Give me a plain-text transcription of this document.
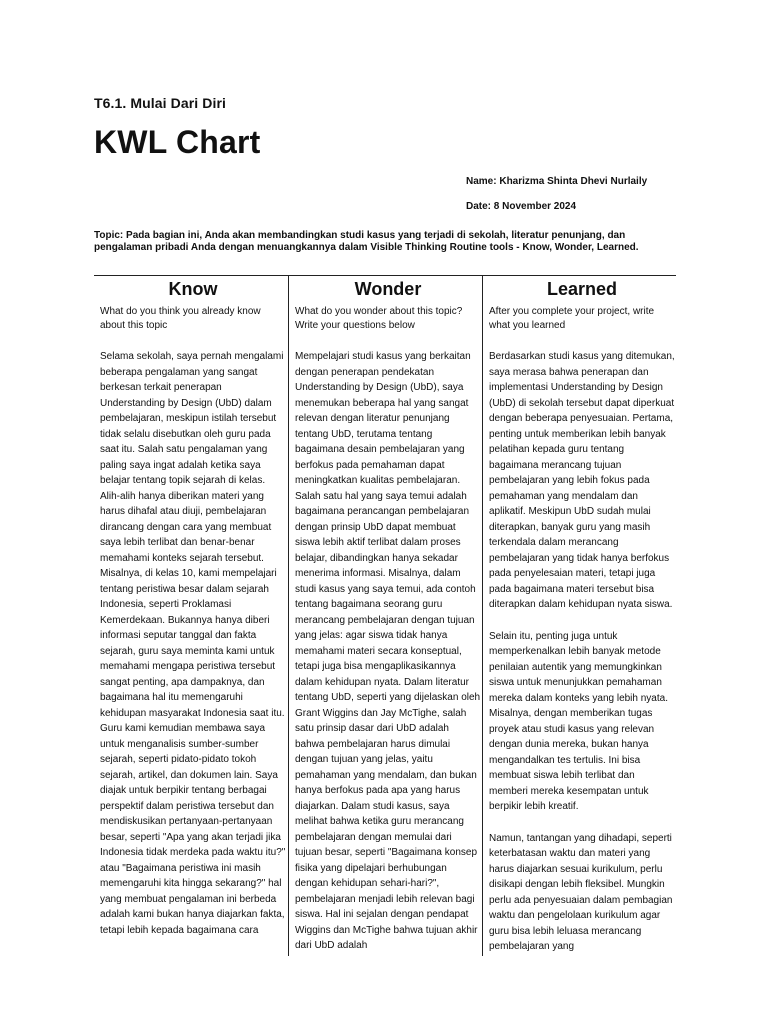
T6.1. Mulai Dari Diri
KWL Chart
Name: Kharizma Shinta Dhevi Nurlaily
Date: 8 November 2024
Topic: Pada bagian ini, Anda akan membandingkan studi kasus yang terjadi di sekolah, literatur penunjang, dan pengalaman pribadi Anda dengan menuangkannya dalam Visible Thinking Routine tools - Know, Wonder, Learned.
Know
What do you think you already know about this topic

Selama sekolah, saya pernah mengalami beberapa pengalaman yang sangat berkesan terkait penerapan Understanding by Design (UbD) dalam pembelajaran, meskipun istilah tersebut tidak selalu disebutkan oleh guru pada saat itu. Salah satu pengalaman yang paling saya ingat adalah ketika saya belajar tentang topik sejarah di kelas. Alih-alih hanya diberikan materi yang harus dihafal atau diuji, pembelajaran dirancang dengan cara yang membuat saya lebih terlibat dan benar-benar memahami konteks sejarah tersebut. Misalnya, di kelas 10, kami mempelajari tentang peristiwa besar dalam sejarah Indonesia, seperti Proklamasi Kemerdekaan. Bukannya hanya diberi informasi seputar tanggal dan fakta sejarah, guru saya meminta kami untuk memahami mengapa peristiwa tersebut sangat penting, apa dampaknya, dan bagaimana hal itu memengaruhi kehidupan masyarakat Indonesia saat itu. Guru kami kemudian membawa saya untuk menganalisis sumber-sumber sejarah, seperti pidato-pidato tokoh sejarah, artikel, dan dokumen lain. Saya diajak untuk berpikir tentang berbagai perspektif dalam peristiwa tersebut dan mendiskusikan pertanyaan-pertanyaan besar, seperti "Apa yang akan terjadi jika Indonesia tidak merdeka pada waktu itu?" atau "Bagaimana peristiwa ini masih memengaruhi kita hingga sekarang?" hal yang membuat pengalaman ini berbeda adalah kami bukan hanya diajarkan fakta, tetapi lebih kepada bagaimana cara

Wonder
What do you wonder about this topic? Write your questions below

Mempelajari studi kasus yang berkaitan dengan penerapan pendekatan Understanding by Design (UbD), saya menemukan beberapa hal yang sangat relevan dengan literatur penunjang tentang UbD, terutama tentang bagaimana desain pembelajaran yang berfokus pada pemahaman dapat meningkatkan kualitas pembelajaran. Salah satu hal yang saya temui adalah bagaimana perancangan pembelajaran dengan prinsip UbD dapat membuat siswa lebih aktif terlibat dalam proses belajar, dibandingkan hanya sekadar menerima informasi. Misalnya, dalam studi kasus yang saya temui, ada contoh tentang bagaimana seorang guru merancang pembelajaran dengan tujuan yang jelas: agar siswa tidak hanya memahami materi secara konseptual, tetapi juga bisa mengaplikasikannya dalam kehidupan nyata. Dalam literatur tentang UbD, seperti yang dijelaskan oleh Grant Wiggins dan Jay McTighe, salah satu prinsip dasar dari UbD adalah bahwa pembelajaran harus dimulai dengan tujuan yang jelas, yaitu pemahaman yang mendalam, dan bukan hanya berfokus pada apa yang harus diajarkan. Dalam studi kasus, saya melihat bahwa ketika guru merancang pembelajaran dengan memulai dari tujuan besar, seperti "Bagaimana konsep fisika yang dipelajari berhubungan dengan kehidupan sehari-hari?", pembelajaran menjadi lebih relevan bagi siswa. Hal ini sejalan dengan pendapat Wiggins dan McTighe bahwa tujuan akhir dari UbD adalah

Learned
After you complete your project, write what you learned

Berdasarkan studi kasus yang ditemukan, saya merasa bahwa penerapan dan implementasi Understanding by Design (UbD) di sekolah tersebut dapat diperkuat dengan beberapa penyesuaian. Pertama, penting untuk memberikan lebih banyak pelatihan kepada guru tentang bagaimana merancang tujuan pembelajaran yang lebih fokus pada pemahaman yang mendalam dan aplikatif. Meskipun UbD sudah mulai diterapkan, banyak guru yang masih terkendala dalam merancang pembelajaran yang tidak hanya berfokus pada penyelesaian materi, tetapi juga pada bagaimana materi tersebut bisa diterapkan dalam kehidupan nyata siswa.

Selain itu, penting juga untuk memperkenalkan lebih banyak metode penilaian autentik yang memungkinkan siswa untuk menunjukkan pemahaman mereka dalam konteks yang lebih nyata. Misalnya, dengan memberikan tugas proyek atau studi kasus yang relevan dengan dunia mereka, bukan hanya mengandalkan tes tertulis. Ini bisa membuat siswa lebih terlibat dan memberi mereka kesempatan untuk berpikir lebih kreatif.

Namun, tantangan yang dihadapi, seperti keterbatasan waktu dan materi yang harus diajarkan sesuai kurikulum, perlu disikapi dengan lebih fleksibel. Mungkin perlu ada penyesuaian dalam pembagian waktu dan pengelolaan kurikulum agar guru bisa lebih leluasa merancang pembelajaran yang
